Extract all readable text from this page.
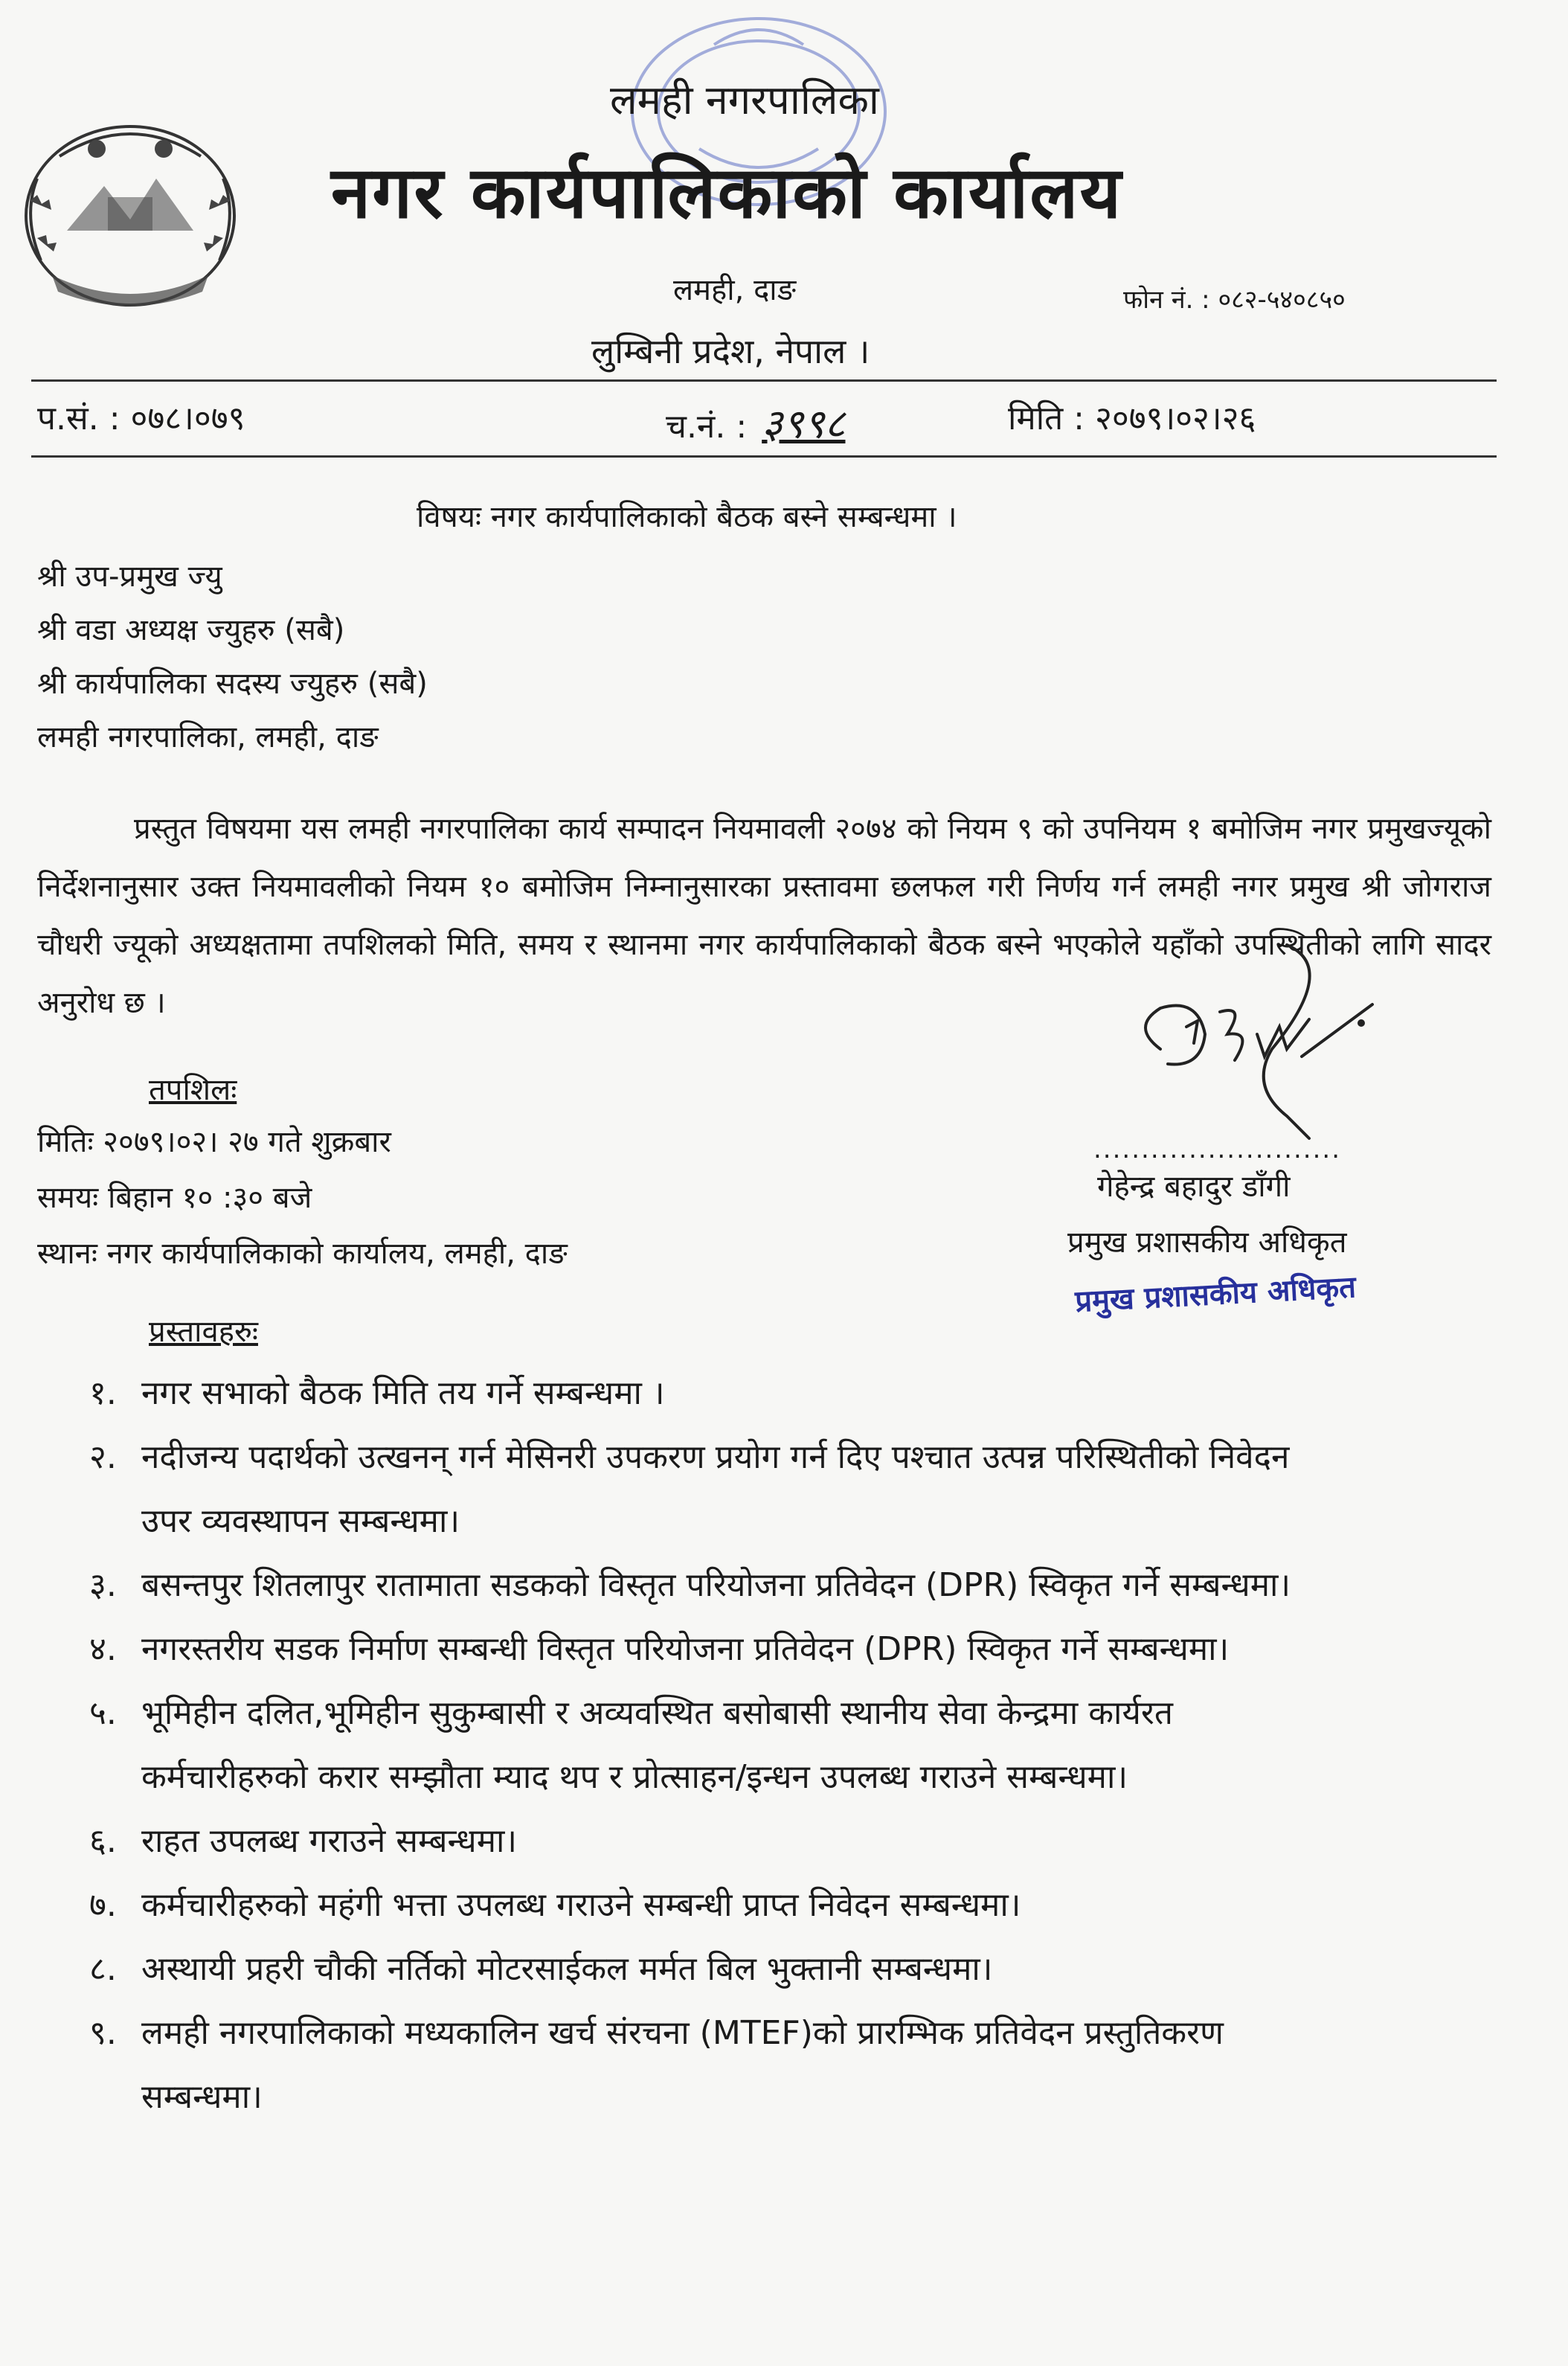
लमही नगरपालिका
नगर कार्यपालिकाको कार्यालय
लमही, दाङ	फोन नं. : ०८२-५४०८५०
लुम्बिनी प्रदेश, नेपाल ।
प.सं. : ०७८।०७९	च.नं. : ३९९८	मिति : २०७९।०२।२६
विषयः नगर कार्यपालिकाको बैठक बस्ने सम्बन्धमा ।
श्री उप-प्रमुख ज्यु
श्री वडा अध्यक्ष ज्युहरु (सबै)
श्री कार्यपालिका सदस्य ज्युहरु (सबै)
लमही नगरपालिका, लमही, दाङ
प्रस्तुत विषयमा यस लमही नगरपालिका कार्य सम्पादन नियमावली २०७४ को नियम ९ को उपनियम १ बमोजिम नगर प्रमुखज्यूको निर्देशनानुसार उक्त नियमावलीको नियम १० बमोजिम निम्नानुसारका प्रस्तावमा छलफल गरी निर्णय गर्न लमही नगर प्रमुख श्री जोगराज चौधरी ज्यूको अध्यक्षतामा तपशिलको मिति, समय र स्थानमा नगर कार्यपालिकाको बैठक बस्ने भएकोले यहाँको उपस्थितीको लागि सादर अनुरोध छ ।
तपशिलः
मितिः २०७९।०२। २७ गते शुक्रबार
समयः बिहान १० :३० बजे
स्थानः नगर कार्यपालिकाको कार्यालय, लमही, दाङ
..........................
गेहेन्द्र बहादुर डाँगी
प्रमुख प्रशासकीय अधिकृत
प्रमुख प्रशासकीय अधिकृत
प्रस्तावहरुः
१. नगर सभाको बैठक मिति तय गर्ने सम्बन्धमा ।
२. नदीजन्य पदार्थको उत्खनन् गर्न मेसिनरी उपकरण प्रयोग गर्न दिए पश्चात उत्पन्न परिस्थितीको निवेदन
उपर व्यवस्थापन सम्बन्धमा।
३. बसन्तपुर शितलापुर रातामाता सडकको विस्तृत परियोजना प्रतिवेदन (DPR) स्विकृत गर्ने सम्बन्धमा।
४. नगरस्तरीय सडक निर्माण सम्बन्धी विस्तृत परियोजना प्रतिवेदन (DPR) स्विकृत गर्ने सम्बन्धमा।
५. भूमिहीन दलित,भूमिहीन सुकुम्बासी र अव्यवस्थित बसोबासी स्थानीय सेवा केन्द्रमा कार्यरत
कर्मचारीहरुको करार सम्झौता म्याद थप र प्रोत्साहन/इन्धन उपलब्ध गराउने सम्बन्धमा।
६. राहत उपलब्ध गराउने सम्बन्धमा।
७. कर्मचारीहरुको महंगी भत्ता उपलब्ध गराउने सम्बन्धी प्राप्त निवेदन सम्बन्धमा।
८. अस्थायी प्रहरी चौकी नर्तिको मोटरसाईकल मर्मत बिल भुक्तानी सम्बन्धमा।
९. लमही नगरपालिकाको मध्यकालिन खर्च संरचना (MTEF)को प्रारम्भिक प्रतिवेदन प्रस्तुतिकरण
सम्बन्धमा।
